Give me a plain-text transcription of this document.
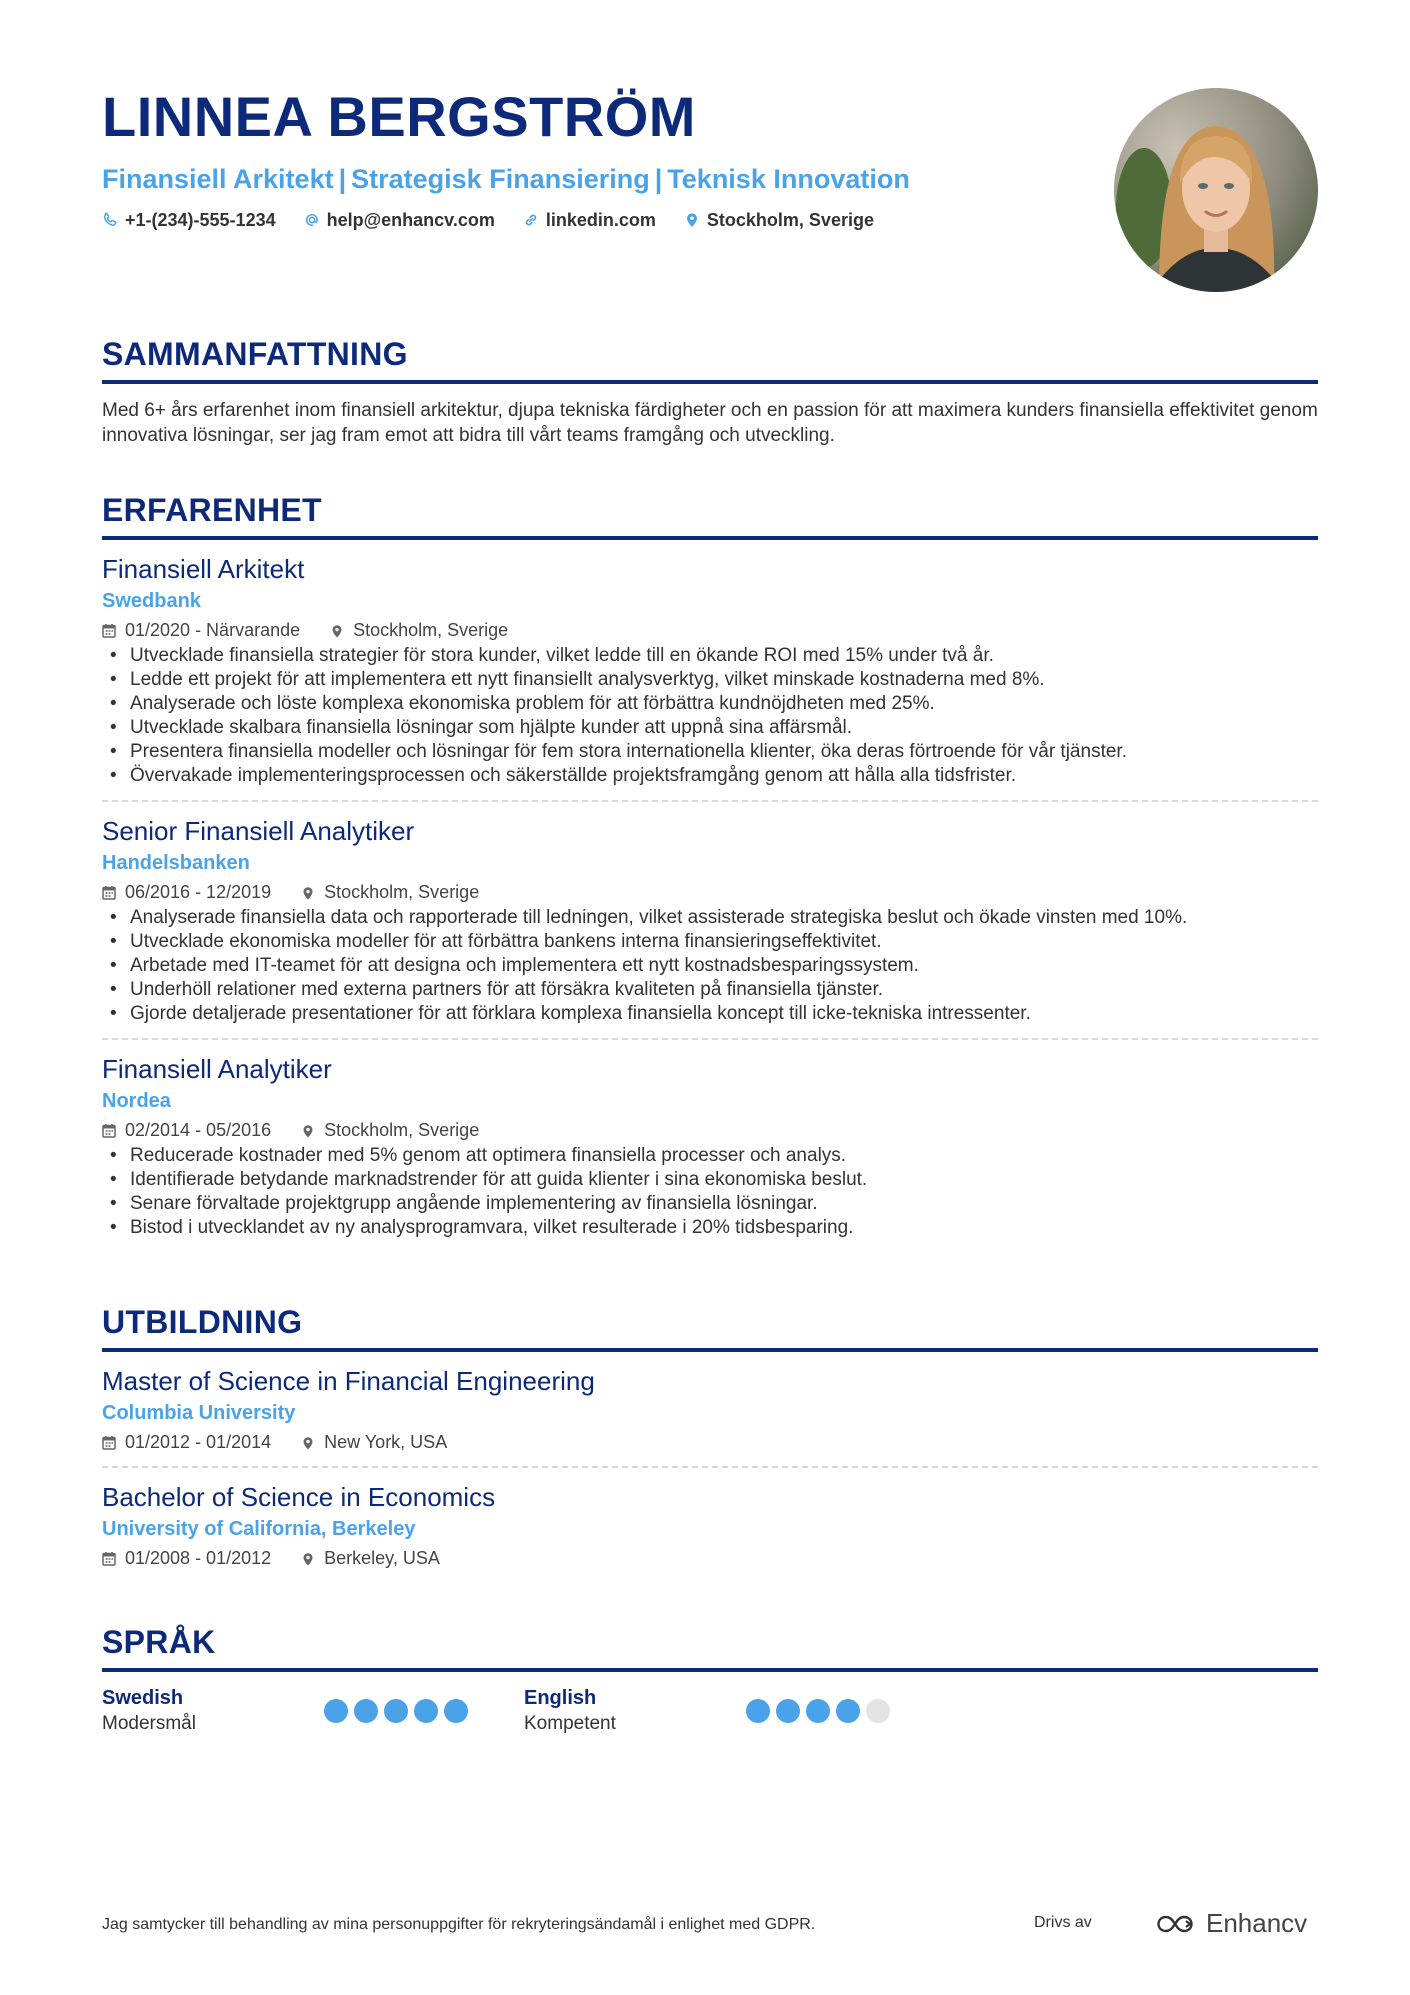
LINNEA BERGSTRÖM
Finansiell Arkitekt | Strategisk Finansiering | Teknisk Innovation
+1-(234)-555-1234	help@enhancv.com	linkedin.com	Stockholm, Sverige
SAMMANFATTNING
Med 6+ års erfarenhet inom finansiell arkitektur, djupa tekniska färdigheter och en passion för att maximera kunders finansiella effektivitet genom innovativa lösningar, ser jag fram emot att bidra till vårt teams framgång och utveckling.
ERFARENHET
Finansiell Arkitekt
Swedbank
01/2020 - Närvarande	Stockholm, Sverige
• Utvecklade finansiella strategier för stora kunder, vilket ledde till en ökande ROI med 15% under två år.
• Ledde ett projekt för att implementera ett nytt finansiellt analysverktyg, vilket minskade kostnaderna med 8%.
• Analyserade och löste komplexa ekonomiska problem för att förbättra kundnöjdheten med 25%.
• Utvecklade skalbara finansiella lösningar som hjälpte kunder att uppnå sina affärsmål.
• Presentera finansiella modeller och lösningar för fem stora internationella klienter, öka deras förtroende för vår tjänster.
• Övervakade implementeringsprocessen och säkerställde projektsframgång genom att hålla alla tidsfrister.
Senior Finansiell Analytiker
Handelsbanken
06/2016 - 12/2019	Stockholm, Sverige
• Analyserade finansiella data och rapporterade till ledningen, vilket assisterade strategiska beslut och ökade vinsten med 10%.
• Utvecklade ekonomiska modeller för att förbättra bankens interna finansieringseffektivitet.
• Arbetade med IT-teamet för att designa och implementera ett nytt kostnadsbesparingssystem.
• Underhöll relationer med externa partners för att försäkra kvaliteten på finansiella tjänster.
• Gjorde detaljerade presentationer för att förklara komplexa finansiella koncept till icke-tekniska intressenter.
Finansiell Analytiker
Nordea
02/2014 - 05/2016	Stockholm, Sverige
• Reducerade kostnader med 5% genom att optimera finansiella processer och analys.
• Identifierade betydande marknadstrender för att guida klienter i sina ekonomiska beslut.
• Senare förvaltade projektgrupp angående implementering av finansiella lösningar.
• Bistod i utvecklandet av ny analysprogramvara, vilket resulterade i 20% tidsbesparing.
UTBILDNING
Master of Science in Financial Engineering
Columbia University
01/2012 - 01/2014	New York, USA
Bachelor of Science in Economics
University of California, Berkeley
01/2008 - 01/2012	Berkeley, USA
SPRÅK
Swedish
Modersmål
English
Kompetent
Jag samtycker till behandling av mina personuppgifter för rekryteringsändamål i enlighet med GDPR.	Drivs av	Enhancv
